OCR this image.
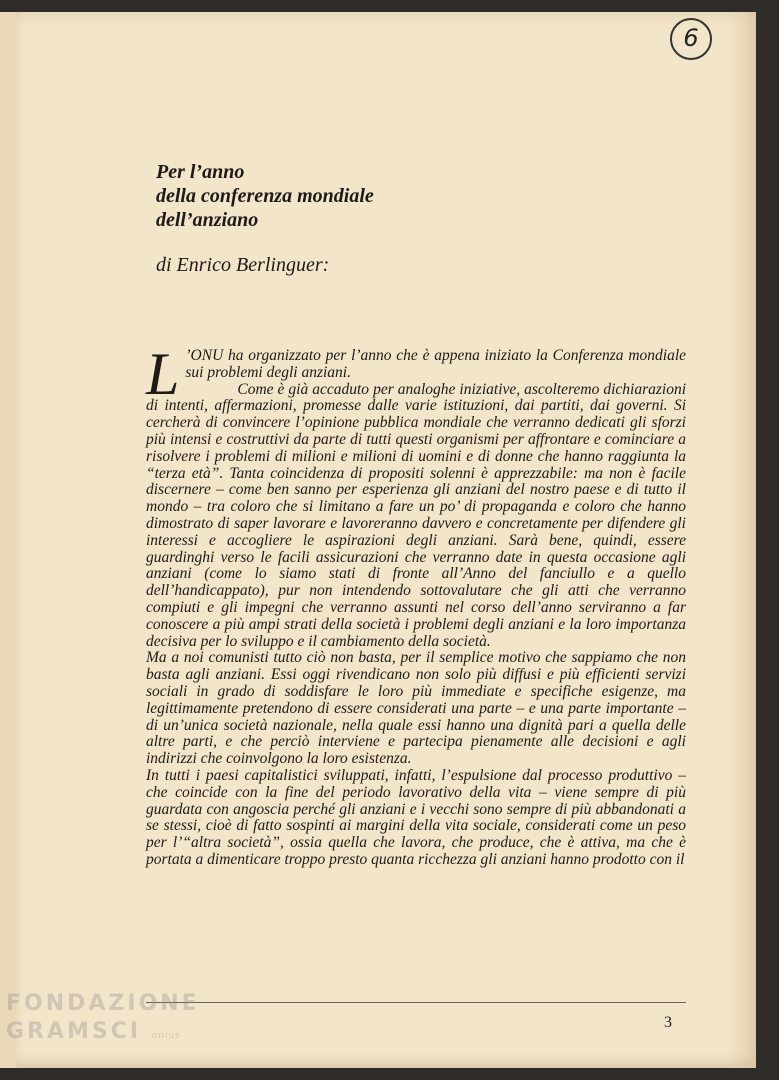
6
Per l’anno
della conferenza mondiale
dell’anziano
di Enrico Berlinguer:

L ’ONU ha organizzato per l’anno che è appena iniziato la Conferenza mondiale sui problemi degli anziani.

Come è già accaduto per analoghe iniziative, ascolteremo dichiarazioni di intenti, affermazioni, promesse dalle varie istituzioni, dai partiti, dai governi. Si cercherà di convincere l’opinione pubblica mondiale che verranno dedicati gli sforzi più intensi e costruttivi da parte di tutti questi organismi per affrontare e cominciare a risolvere i problemi di milioni e milioni di uomini e di donne che hanno raggiunta la “terza età”. Tanta coincidenza di propositi solenni è apprezzabile: ma non è facile discernere – come ben sanno per esperienza gli anziani del nostro paese e di tutto il mondo – tra coloro che si limitano a fare un po’ di propaganda e coloro che hanno dimostrato di saper lavorare e lavoreranno davvero e concretamente per difendere gli interessi e accogliere le aspirazioni degli anziani. Sarà bene, quindi, essere guardinghi verso le facili assicurazioni che verranno date in questa occasione agli anziani (come lo siamo stati di fronte all’Anno del fanciullo e a quello dell’handicappato), pur non intendendo sottovalutare che gli atti che verranno compiuti e gli impegni che verranno assunti nel corso dell’anno serviranno a far conoscere a più ampi strati della società i problemi degli anziani e la loro importanza decisiva per lo sviluppo e il cambiamento della società.

Ma a noi comunisti tutto ciò non basta, per il semplice motivo che sappiamo che non basta agli anziani. Essi oggi rivendicano non solo più diffusi e più efficienti servizi sociali in grado di soddisfare le loro più immediate e specifiche esigenze, ma legittimamente pretendono di essere considerati una parte – e una parte importante – di un’unica società nazionale, nella quale essi hanno una dignità pari a quella delle altre parti, e che perciò interviene e partecipa pienamente alle decisioni e agli indirizzi che coinvolgono la loro esistenza.

In tutti i paesi capitalistici sviluppati, infatti, l’espulsione dal processo produttivo – che coincide con la fine del periodo lavorativo della vita – viene sempre di più guardata con angoscia perché gli anziani e i vecchi sono sempre di più abbandonati a se stessi, cioè di fatto sospinti ai margini della vita sociale, considerati come un peso per l’“altra società”, ossia quella che lavora, che produce, che è attiva, ma che è portata a dimenticare troppo presto quanta ricchezza gli anziani hanno prodotto con il

3
FONDAZIONE
GRAMSCI onlus
